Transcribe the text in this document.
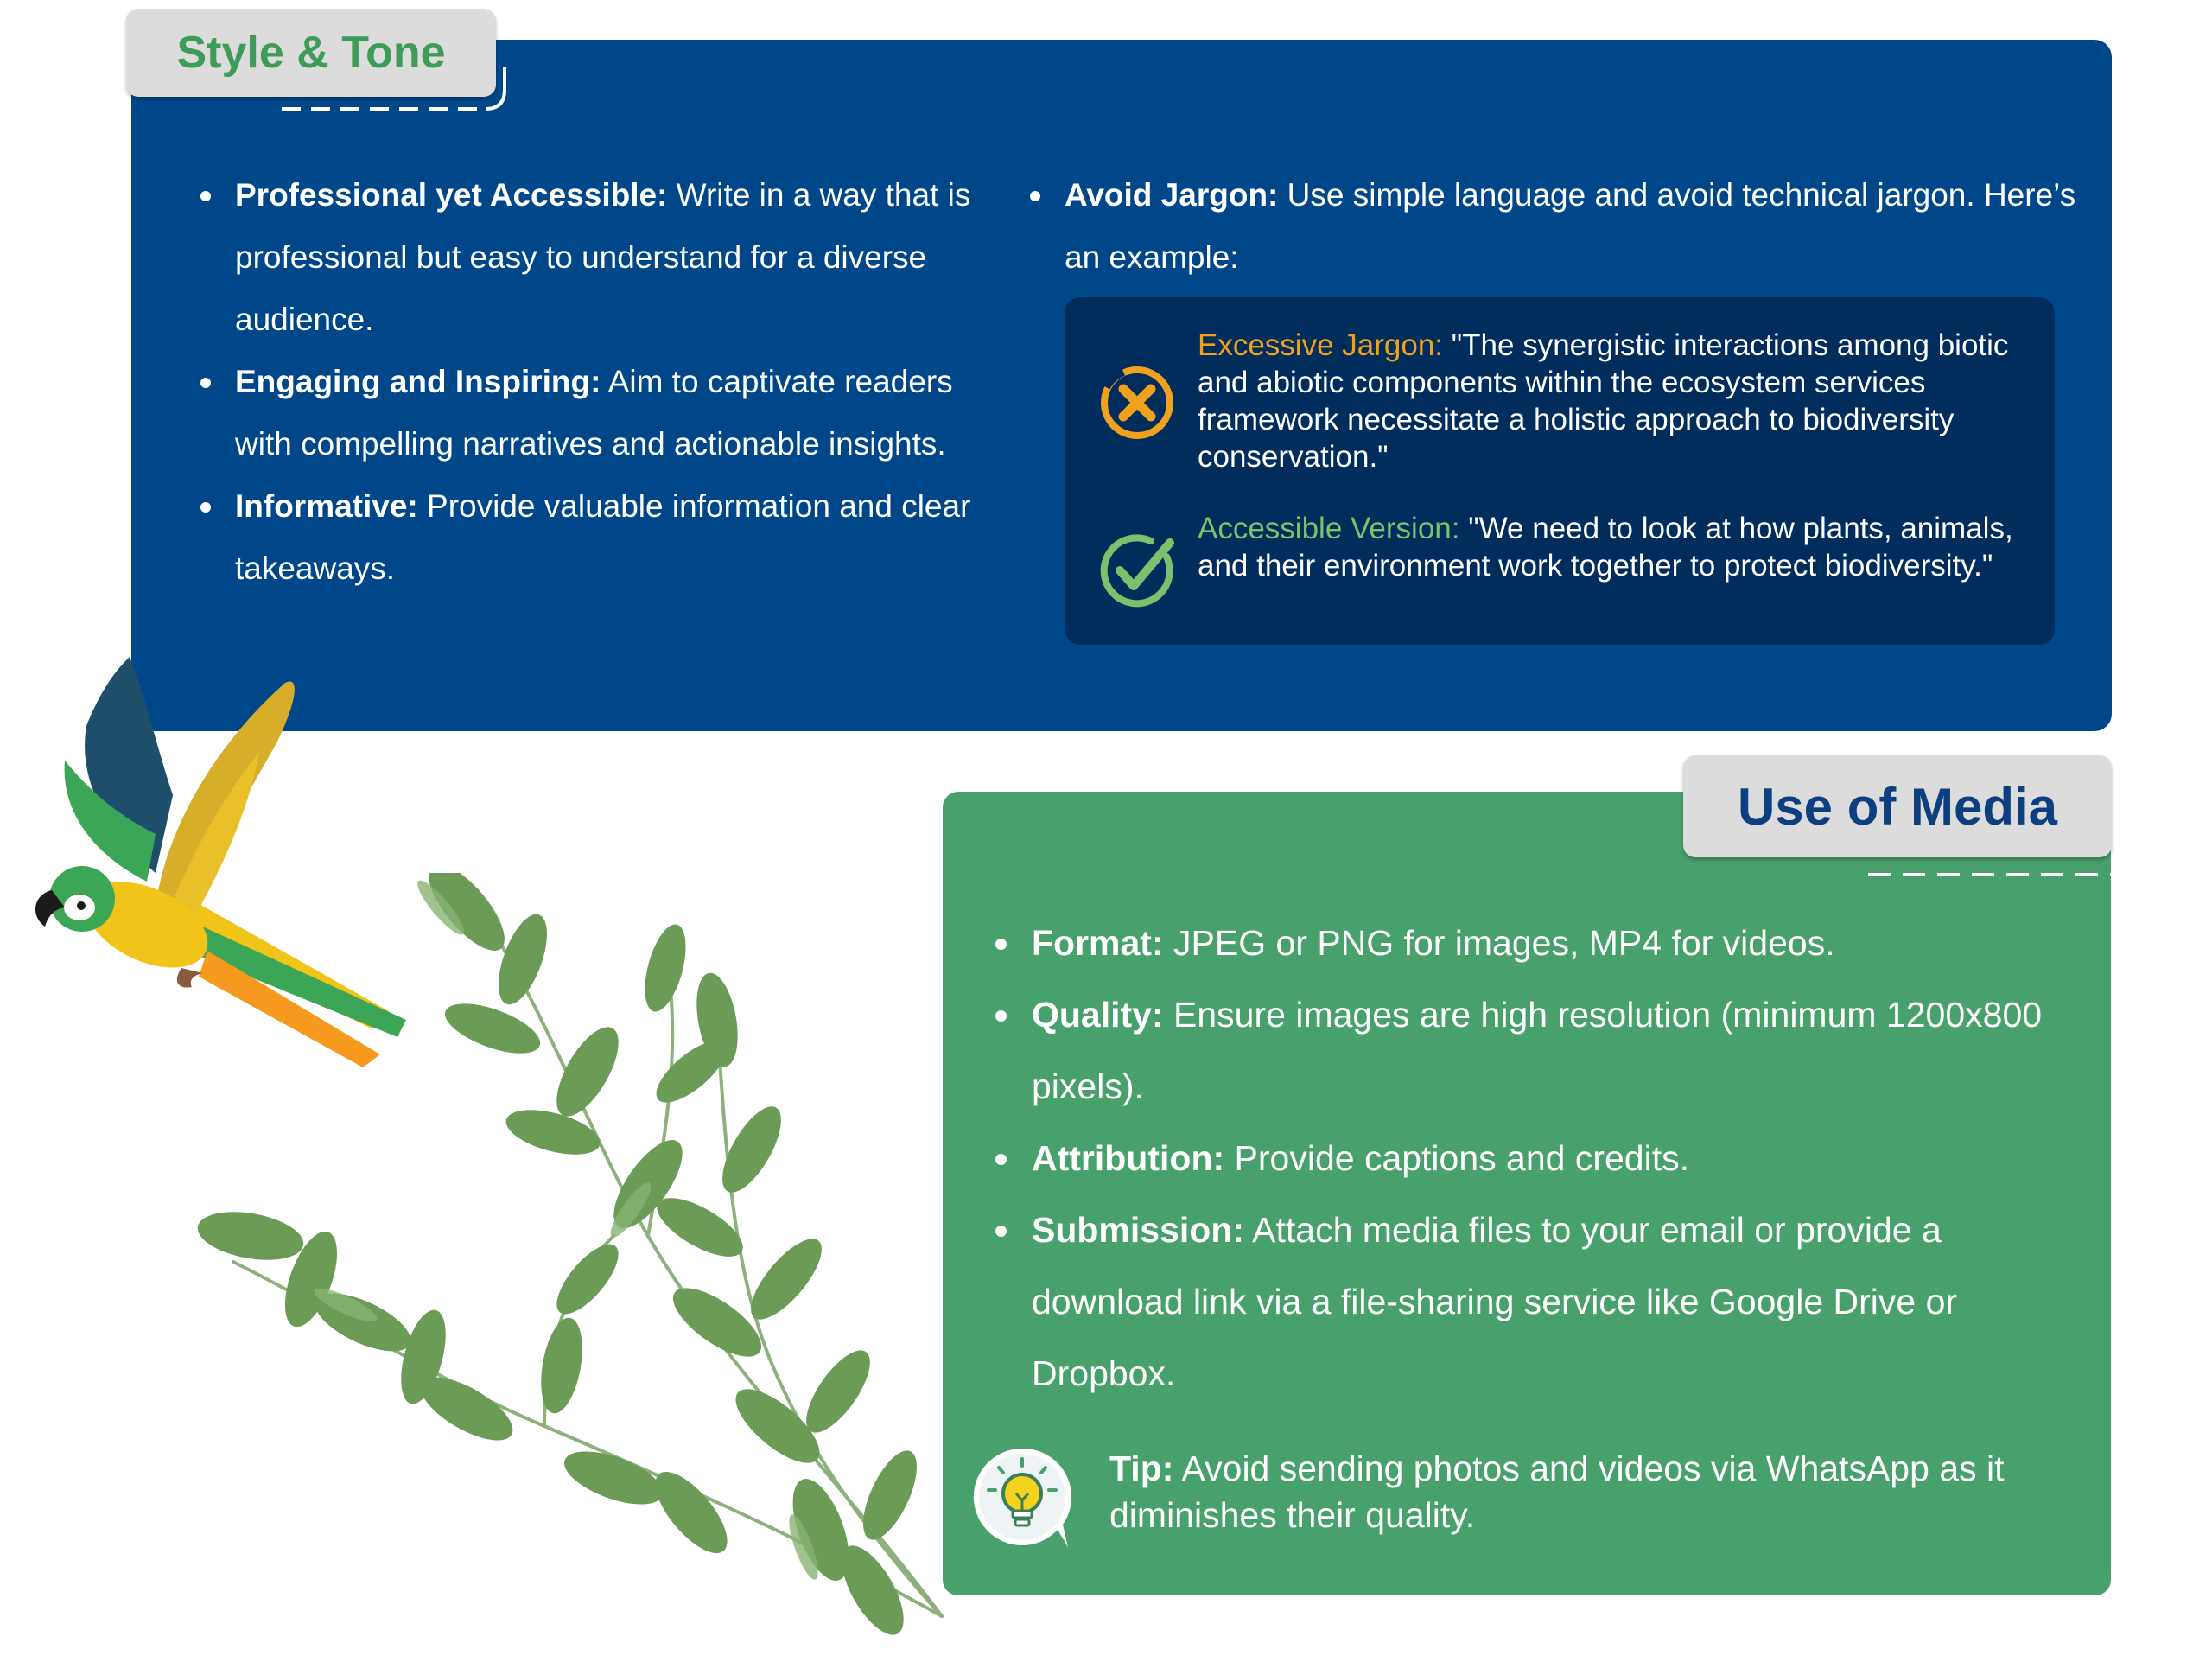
Style & Tone
Professional yet Accessible: Write in a way that is professional but easy to understand for a diverse audience.
Engaging and Inspiring: Aim to captivate readers with compelling narratives and actionable insights.
Informative: Provide valuable information and clear takeaways.
Avoid Jargon: Use simple language and avoid technical jargon. Here’s an example:
Excessive Jargon: "The synergistic interactions among biotic and abiotic components within the ecosystem services framework necessitate a holistic approach to biodiversity conservation."
Accessible Version: "We need to look at how plants, animals, and their environment work together to protect biodiversity."
Use of Media
Format: JPEG or PNG for images, MP4 for videos.
Quality: Ensure images are high resolution (minimum 1200x800 pixels).
Attribution: Provide captions and credits.
Submission: Attach media files to your email or provide a download link via a file-sharing service like Google Drive or Dropbox.
Tip: Avoid sending photos and videos via WhatsApp as it diminishes their quality.
